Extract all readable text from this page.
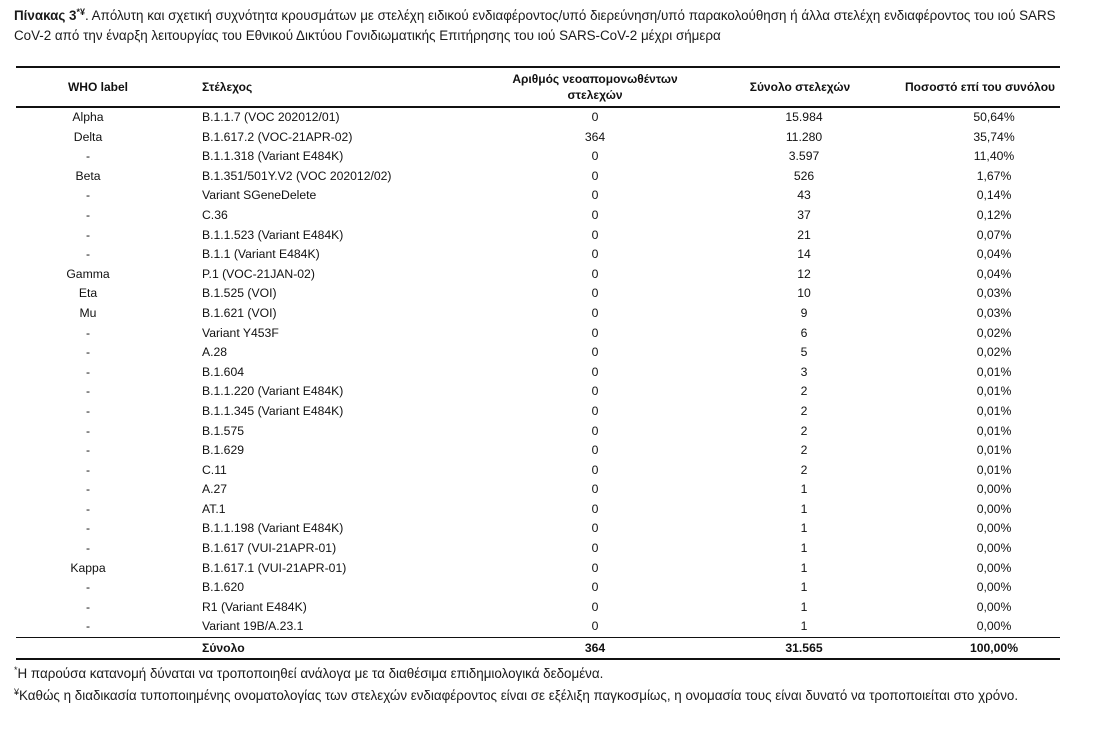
Πίνακας 3*¥. Απόλυτη και σχετική συχνότητα κρουσμάτων με στελέχη ειδικού ενδιαφέροντος/υπό διερεύνηση/υπό παρακολούθηση ή άλλα στελέχη ενδιαφέροντος του ιού SARS CoV-2 από την έναρξη λειτουργίας του Εθνικού Δικτύου Γονιδιωματικής Επιτήρησης του ιού SARS-CoV-2 μέχρι σήμερα
WHO label	Στέλεχος	Αριθμός νεοαπομονωθέντων στελεχών	Σύνολο στελεχών	Ποσοστό επί του συνόλου
Alpha	B.1.1.7 (VOC 202012/01)	0	15.984	50,64%
Delta	B.1.617.2 (VOC-21APR-02)	364	11.280	35,74%
-	B.1.1.318 (Variant E484K)	0	3.597	11,40%
Beta	B.1.351/501Y.V2 (VOC 202012/02)	0	526	1,67%
-	Variant SGeneDelete	0	43	0,14%
-	C.36	0	37	0,12%
-	B.1.1.523 (Variant E484K)	0	21	0,07%
-	B.1.1 (Variant E484K)	0	14	0,04%
Gamma	P.1 (VOC-21JAN-02)	0	12	0,04%
Eta	B.1.525 (VOI)	0	10	0,03%
Mu	B.1.621 (VOI)	0	9	0,03%
-	Variant Y453F	0	6	0,02%
-	A.28	0	5	0,02%
-	B.1.604	0	3	0,01%
-	B.1.1.220 (Variant E484K)	0	2	0,01%
-	B.1.1.345 (Variant E484K)	0	2	0,01%
-	B.1.575	0	2	0,01%
-	B.1.629	0	2	0,01%
-	C.11	0	2	0,01%
-	A.27	0	1	0,00%
-	AT.1	0	1	0,00%
-	B.1.1.198 (Variant E484K)	0	1	0,00%
-	B.1.617 (VUI-21APR-01)	0	1	0,00%
Kappa	B.1.617.1 (VUI-21APR-01)	0	1	0,00%
-	B.1.620	0	1	0,00%
-	R1 (Variant E484K)	0	1	0,00%
-	Variant 19B/A.23.1	0	1	0,00%
	Σύνολο	364	31.565	100,00%
*Η παρούσα κατανομή δύναται να τροποποιηθεί ανάλογα με τα διαθέσιμα επιδημιολογικά δεδομένα.
¥Καθώς η διαδικασία τυποποιημένης ονοματολογίας των στελεχών ενδιαφέροντος είναι σε εξέλιξη παγκοσμίως, η ονομασία τους είναι δυνατό να τροποποιείται στο χρόνο.
